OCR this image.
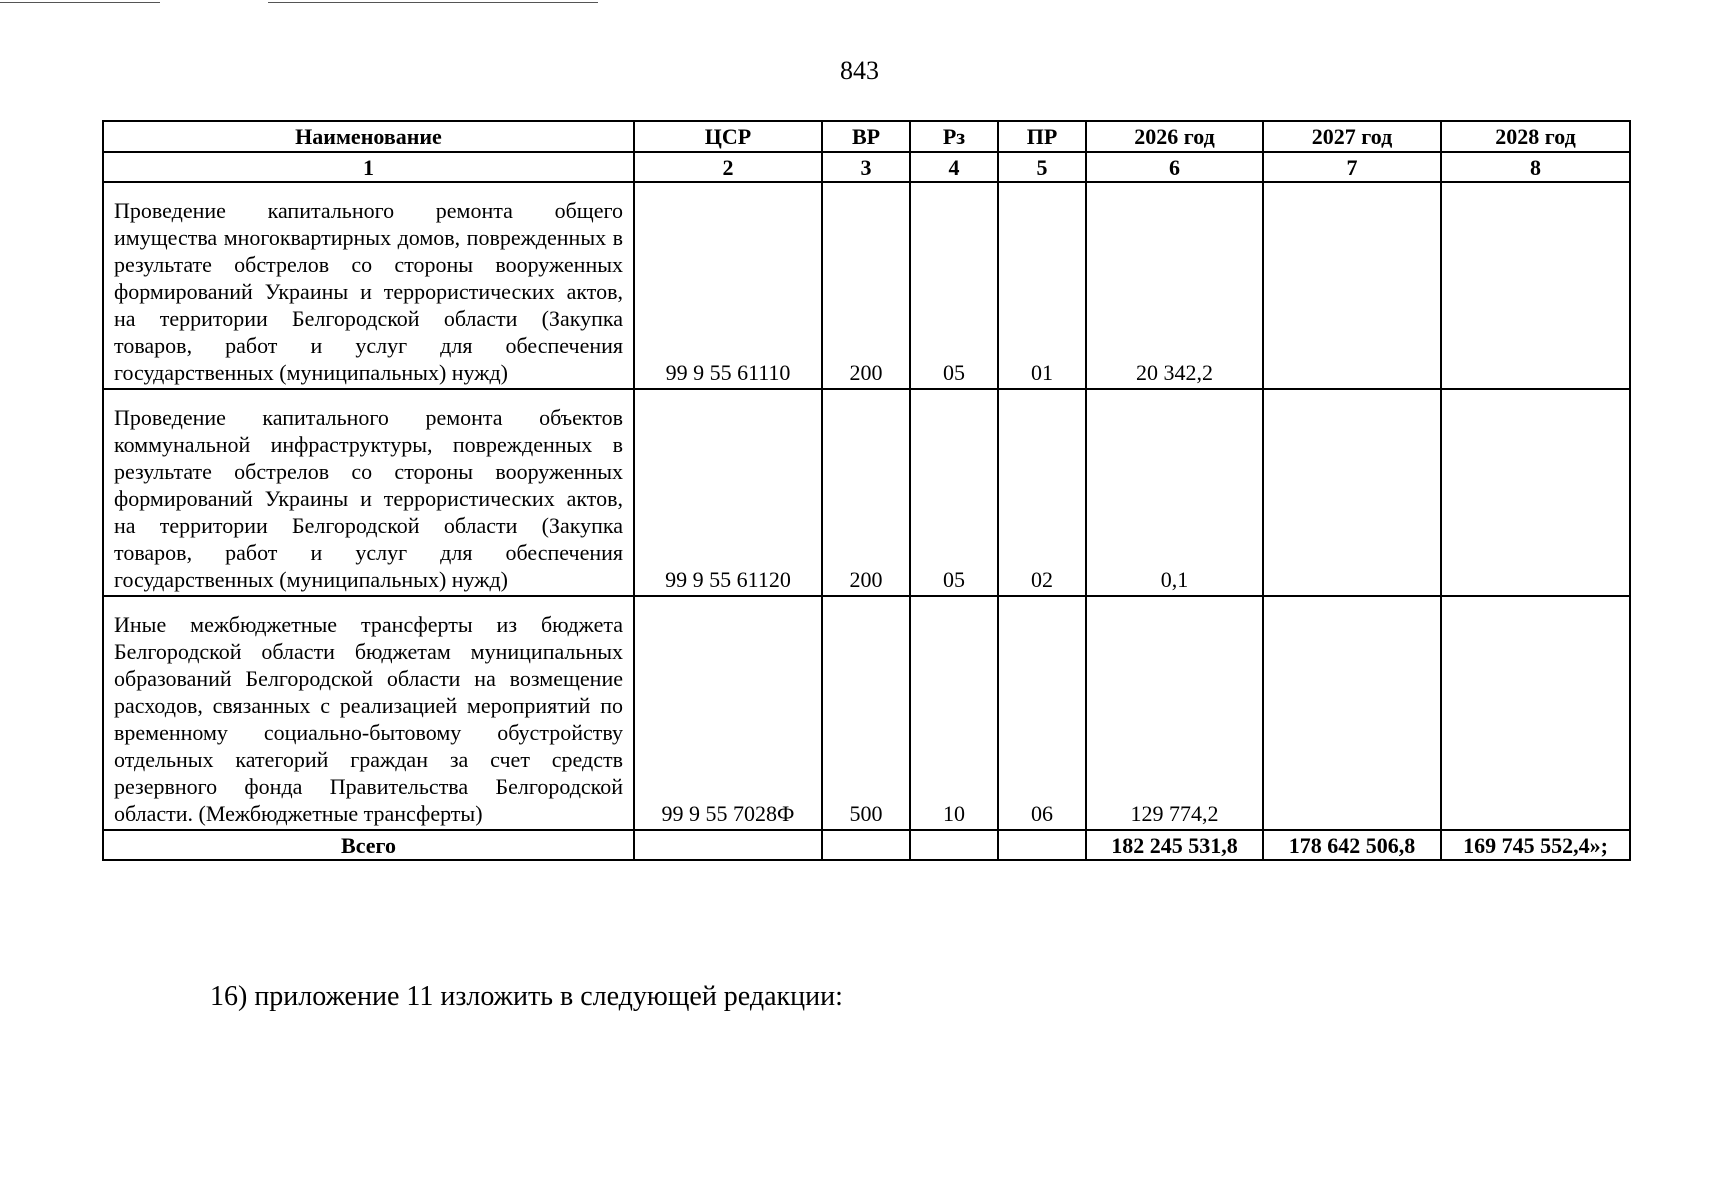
843
Наименование	ЦСР	ВР	Рз	ПР	2026 год	2027 год	2028 год
1	2	3	4	5	6	7	8
Проведение капитального ремонта общего имущества многоквартирных домов, поврежденных в результате обстрелов со стороны вооруженных формирований Украины и террористических актов, на территории Белгородской области (Закупка товаров, работ и услуг для обеспечения государственных (муниципальных) нужд)	99 9 55 61110	200	05	01	20 342,2		
Проведение капитального ремонта объектов коммунальной инфраструктуры, поврежденных в результате обстрелов со стороны вооруженных формирований Украины и террористических актов, на территории Белгородской области (Закупка товаров, работ и услуг для обеспечения государственных (муниципальных) нужд)	99 9 55 61120	200	05	02	0,1		
Иные межбюджетные трансферты из бюджета Белгородской области бюджетам муниципальных образований Белгородской области на возмещение расходов, связанных с реализацией мероприятий по временному социально-бытовому обустройству отдельных категорий граждан за счет средств резервного фонда Правительства Белгородской области. (Межбюджетные трансферты)	99 9 55 7028Ф	500	10	06	129 774,2		
Всего					182 245 531,8	178 642 506,8	169 745 552,4»;
16) приложение 11 изложить в следующей редакции:
